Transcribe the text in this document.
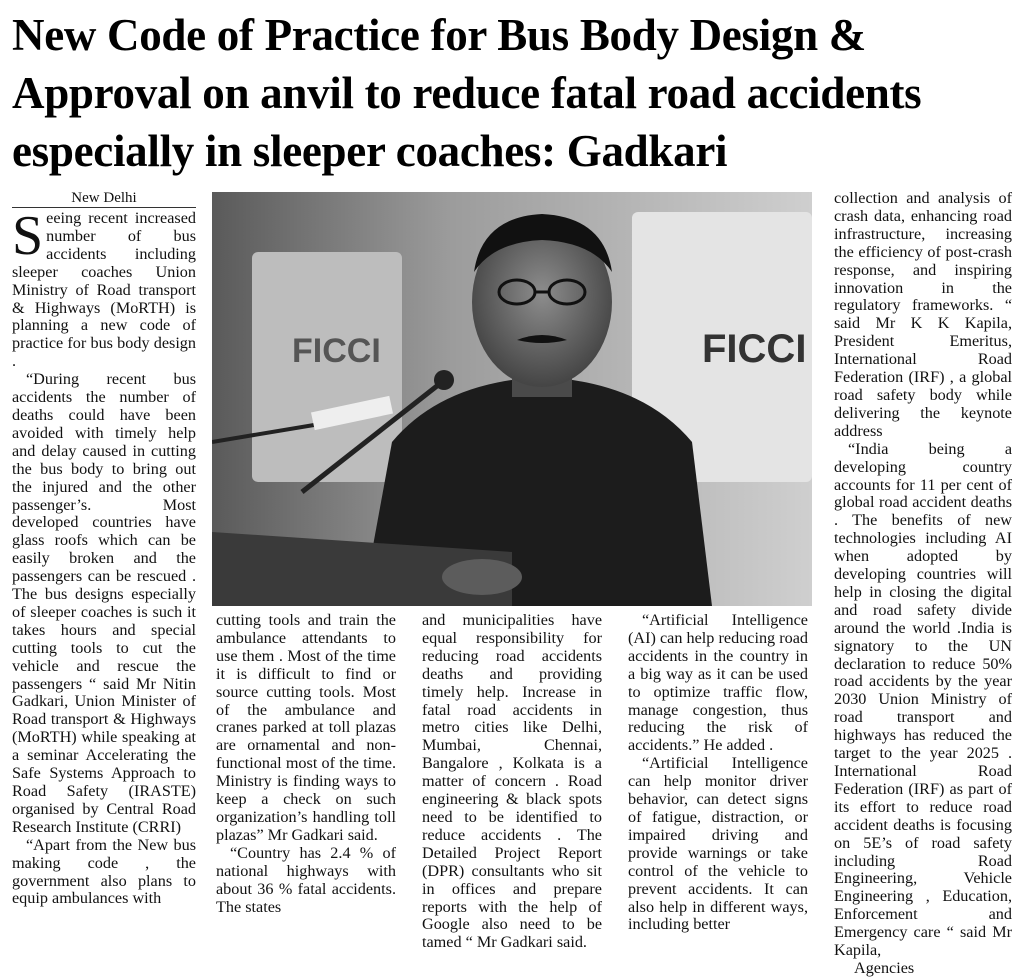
New Code of Practice for Bus Body Design & Approval on anvil to reduce fatal road accidents especially in sleeper coaches: Gadkari
New Delhi

Seeing recent increased number of bus accidents including sleeper coaches Union Ministry of Road transport & Highways (MoRTH) is planning a new code of practice for bus body design .

“During recent bus accidents the number of deaths could have been avoided with timely help and delay caused in cutting the bus body to bring out the injured and the other passenger’s. Most developed countries have glass roofs which can be easily broken and the passengers can be rescued . The bus designs especially of sleeper coaches is such it takes hours and special cutting tools to cut the vehicle and rescue the passengers “ said Mr Nitin Gadkari, Union Minister of Road transport & Highways (MoRTH) while speaking at a seminar Accelerating the Safe Systems Approach to Road Safety (IRASTE) organised by Central Road Research Institute (CRRI)

“Apart from the New bus making code , the government also plans to equip ambulances with

FICCI	FICCI

cutting tools and train the ambulance attendants to use them . Most of the time it is difficult to find or source cutting tools. Most of the ambulance and cranes parked at toll plazas are ornamental and non-functional most of the time. Ministry is finding ways to keep a check on such organization’s handling toll plazas” Mr Gadkari said.

“Country has 2.4 % of national highways with about 36 % fatal accidents. The states

and municipalities have equal responsibility for reducing road accidents deaths and providing timely help. Increase in fatal road accidents in metro cities like Delhi, Mumbai, Chennai, Bangalore , Kolkata is a matter of concern . Road engineering & black spots need to be identified to reduce accidents . The Detailed Project Report (DPR) consultants who sit in offices and prepare reports with the help of Google also need to be tamed “ Mr Gadkari said.

“Artificial Intelligence (AI) can help reducing road accidents in the country in a big way as it can be used to optimize traffic flow, manage congestion, thus reducing the risk of accidents.” He added .

“Artificial Intelligence can help monitor driver behavior, can detect signs of fatigue, distraction, or impaired driving and provide warnings or take control of the vehicle to prevent accidents. It can also help in different ways, including better

collection and analysis of crash data, enhancing road infrastructure, increasing the efficiency of post-crash response, and inspiring innovation in the regulatory frameworks. “ said Mr K K Kapila, President Emeritus, International Road Federation (IRF) , a global road safety body while delivering the keynote address

“India being a developing country accounts for 11 per cent of global road accident deaths . The benefits of new technologies including AI when adopted by developing countries will help in closing the digital and road safety divide around the world .India is signatory to the UN declaration to reduce 50% road accidents by the year 2030 Union Ministry of road transport and highways has reduced the target to the year 2025 . International Road Federation (IRF) as part of its effort to reduce road accident deaths is focusing on 5E’s of road safety including Road Engineering, Vehicle Engineering , Education, Enforcement and Emergency care “ said Mr Kapila,

Agencies
